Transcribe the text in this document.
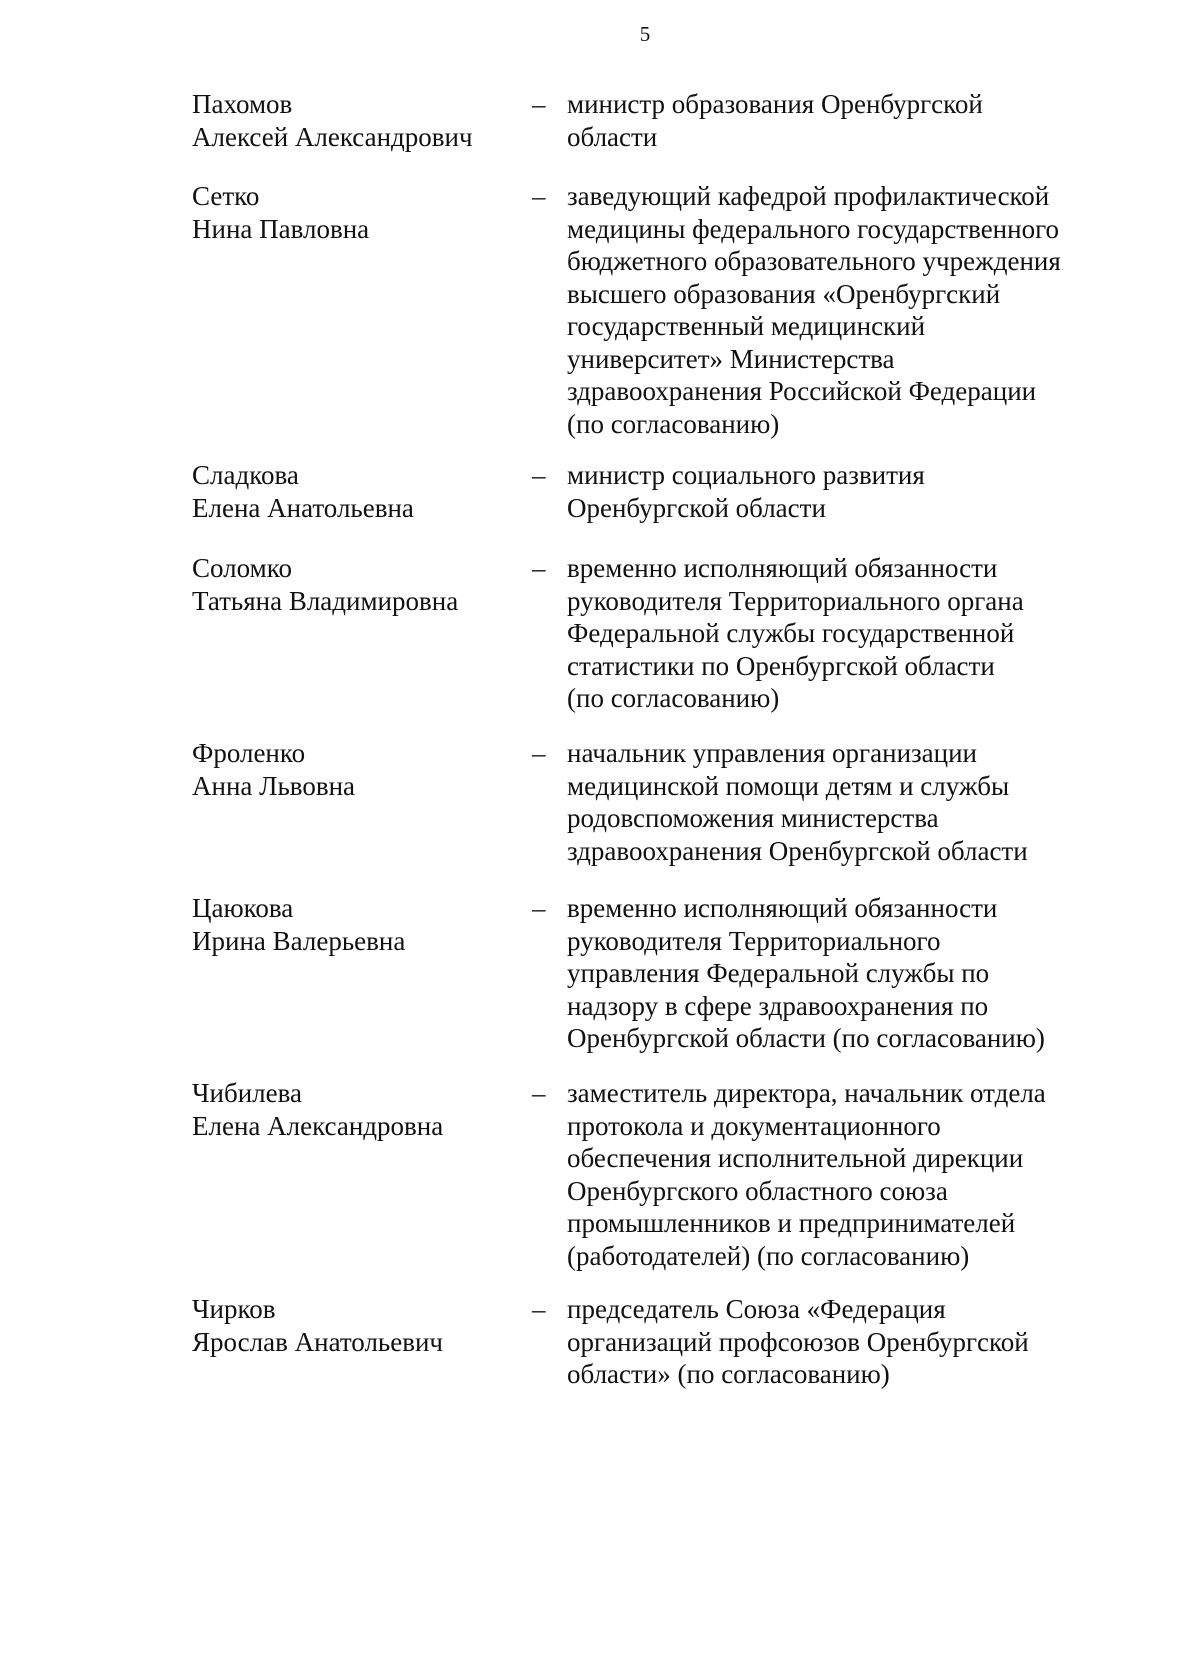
5
Пахомов
Алексей Александрович
– министр образования Оренбургской
области
Сетко
Нина Павловна
– заведующий кафедрой профилактической
медицины федерального государственного
бюджетного образовательного учреждения
высшего образования «Оренбургский
государственный медицинский
университет» Министерства
здравоохранения Российской Федерации
(по согласованию)
Сладкова
Елена Анатольевна
– министр социального развития
Оренбургской области
Соломко
Татьяна Владимировна
– временно исполняющий обязанности
руководителя Территориального органа
Федеральной службы государственной
статистики по Оренбургской области
(по согласованию)
Фроленко
Анна Львовна
– начальник управления организации
медицинской помощи детям и службы
родовспоможения министерства
здравоохранения Оренбургской области
Цаюкова
Ирина Валерьевна
– временно исполняющий обязанности
руководителя Территориального
управления Федеральной службы по
надзору в сфере здравоохранения по
Оренбургской области (по согласованию)
Чибилева
Елена Александровна
– заместитель директора, начальник отдела
протокола и документационного
обеспечения исполнительной дирекции
Оренбургского областного союза
промышленников и предпринимателей
(работодателей) (по согласованию)
Чирков
Ярослав Анатольевич
– председатель Союза «Федерация
организаций профсоюзов Оренбургской
области» (по согласованию)
